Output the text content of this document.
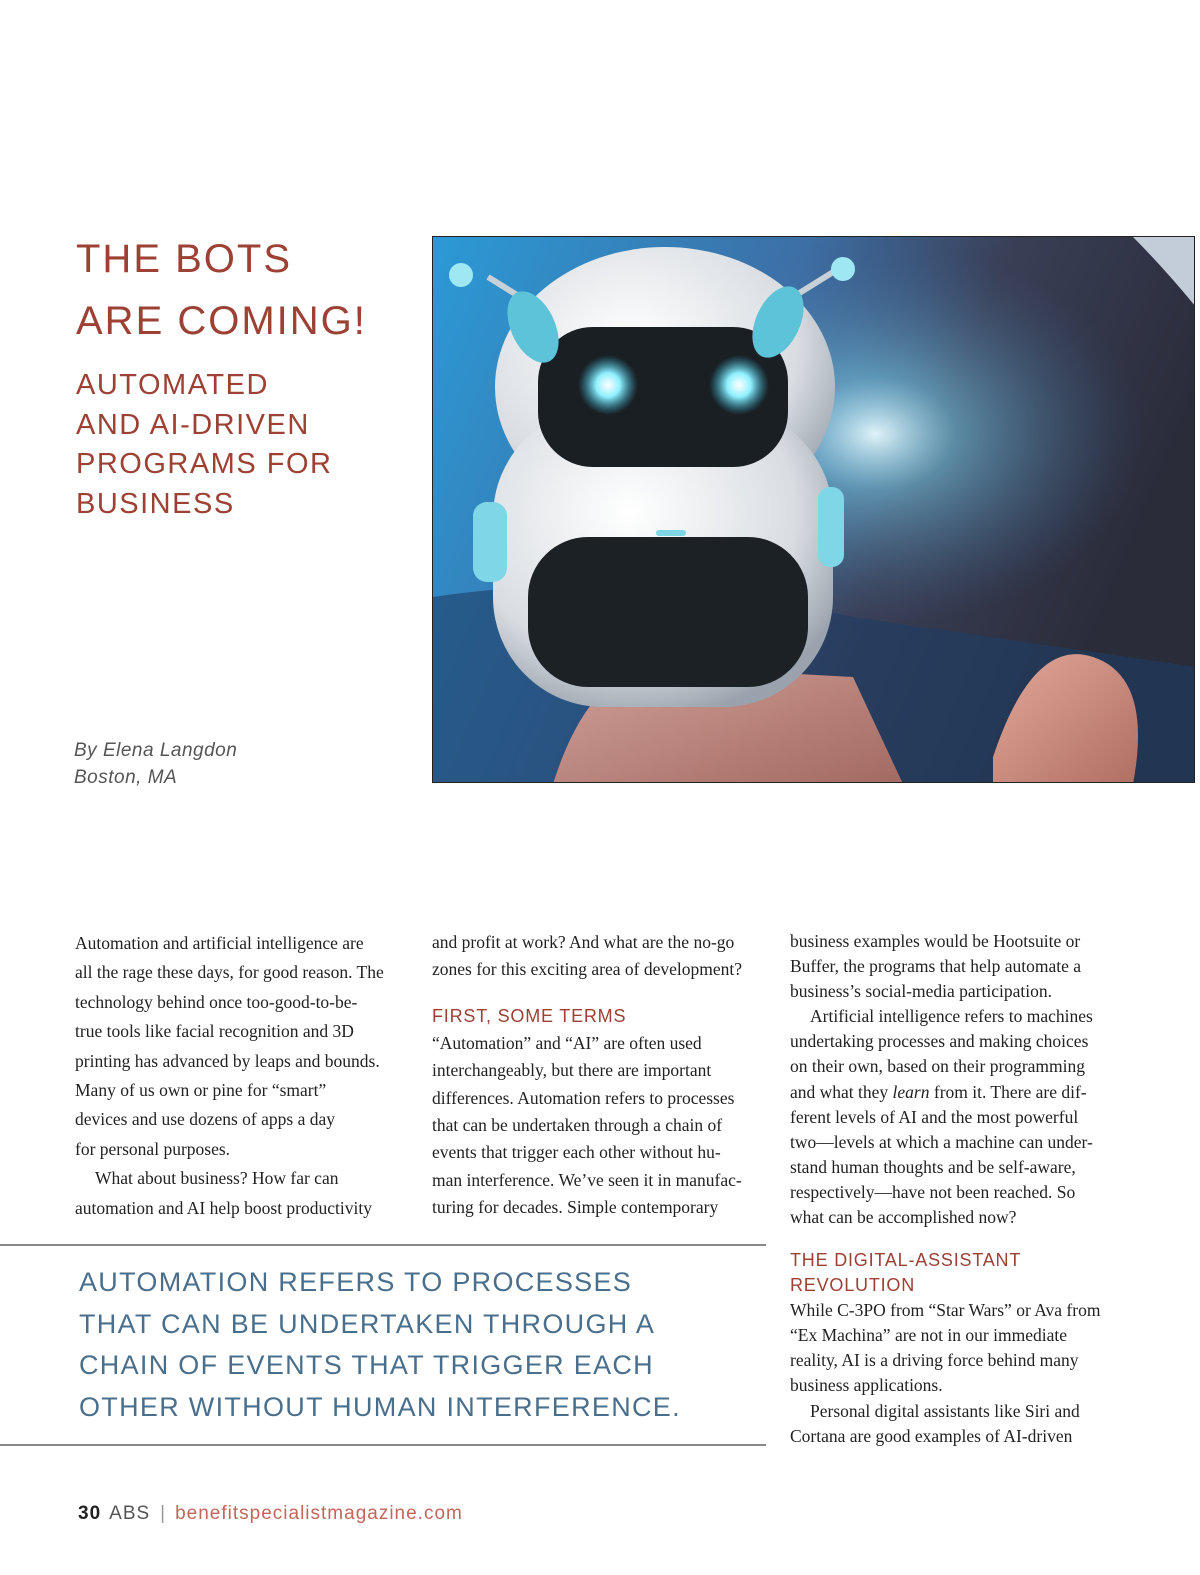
THE BOTS
ARE COMING!
AUTOMATED
AND AI-DRIVEN
PROGRAMS FOR
BUSINESS
By Elena Langdon
Boston, MA

Automation and artificial intelligence are
all the rage these days, for good reason. The
technology behind once too-good-to-be-
true tools like facial recognition and 3D
printing has advanced by leaps and bounds.
Many of us own or pine for “smart”
devices and use dozens of apps a day
for personal purposes.

What about business? How far can
automation and AI help boost productivity

and profit at work? And what are the no-go
zones for this exciting area of development?

FIRST, SOME TERMS

“Automation” and “AI” are often used
interchangeably, but there are important
differences. Automation refers to processes
that can be undertaken through a chain of
events that trigger each other without hu-
man interference. We’ve seen it in manufac-
turing for decades. Simple contemporary

business examples would be Hootsuite or
Buffer, the programs that help automate a
business’s social-media participation.

Artificial intelligence refers to machines
undertaking processes and making choices
on their own, based on their programming
and what they learn from it. There are dif-
ferent levels of AI and the most powerful
two—levels at which a machine can under-
stand human thoughts and be self-aware,
respectively—have not been reached. So
what can be accomplished now?

THE DIGITAL-ASSISTANT
REVOLUTION

While C-3PO from “Star Wars” or Ava from
“Ex Machina” are not in our immediate
reality, AI is a driving force behind many
business applications.

Personal digital assistants like Siri and
Cortana are good examples of AI-driven

AUTOMATION REFERS TO PROCESSES
THAT CAN BE UNDERTAKEN THROUGH A
CHAIN OF EVENTS THAT TRIGGER EACH
OTHER WITHOUT HUMAN INTERFERENCE.
30 ABS | benefitspecialistmagazine.com
